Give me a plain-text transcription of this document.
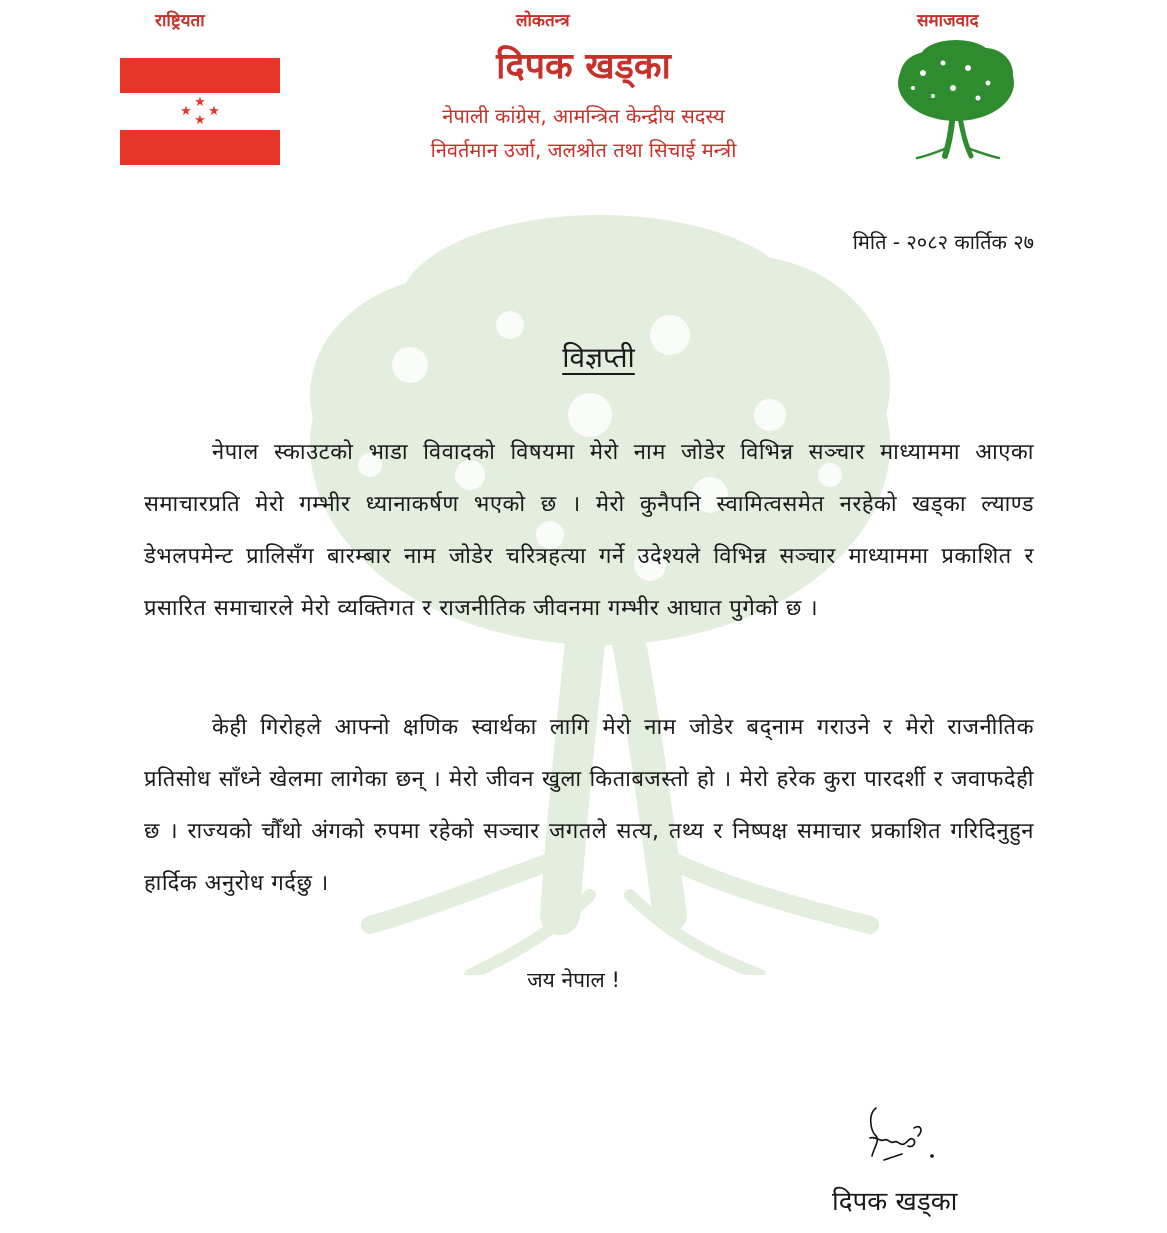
राष्ट्रियता	लोकतन्त्र	समाजवाद
★
★ ★
★
दिपक खड्का
नेपाली कांग्रेस, आमन्त्रित केन्द्रीय सदस्य
निवर्तमान उर्जा, जलश्रोत तथा सिचाई मन्त्री
मिति - २०८२ कार्तिक २७
विज्ञप्ती

नेपाल स्काउटको भाडा विवादको विषयमा मेरो नाम जोडेर विभिन्न सञ्चार माध्याममा आएका समाचारप्रति मेरो गम्भीर ध्यानाकर्षण भएको छ । मेरो कुनैपनि स्वामित्वसमेत नरहेको खड्का ल्याण्ड डेभलपमेन्ट प्रालिसँग बारम्बार नाम जोडेर चरित्रहत्या गर्ने उदेश्यले विभिन्न सञ्चार माध्याममा प्रकाशित र प्रसारित समाचारले मेरो व्यक्तिगत र राजनीतिक जीवनमा गम्भीर आघात पुगेको छ ।

केही गिरोहले आफ्नो क्षणिक स्वार्थका लागि मेरो नाम जोडेर बद्नाम गराउने र मेरो राजनीतिक प्रतिसोध साँध्ने खेलमा लागेका छन् । मेरो जीवन खुला किताबजस्तो हो । मेरो हरेक कुरा पारदर्शी र जवाफदेही छ । राज्यको चौँथो अंगको रुपमा रहेको सञ्चार जगतले सत्य, तथ्य र निष्पक्ष समाचार प्रकाशित गरिदिनुहुन हार्दिक अनुरोध गर्दछु ।

जय नेपाल !
दिपक खड्का
